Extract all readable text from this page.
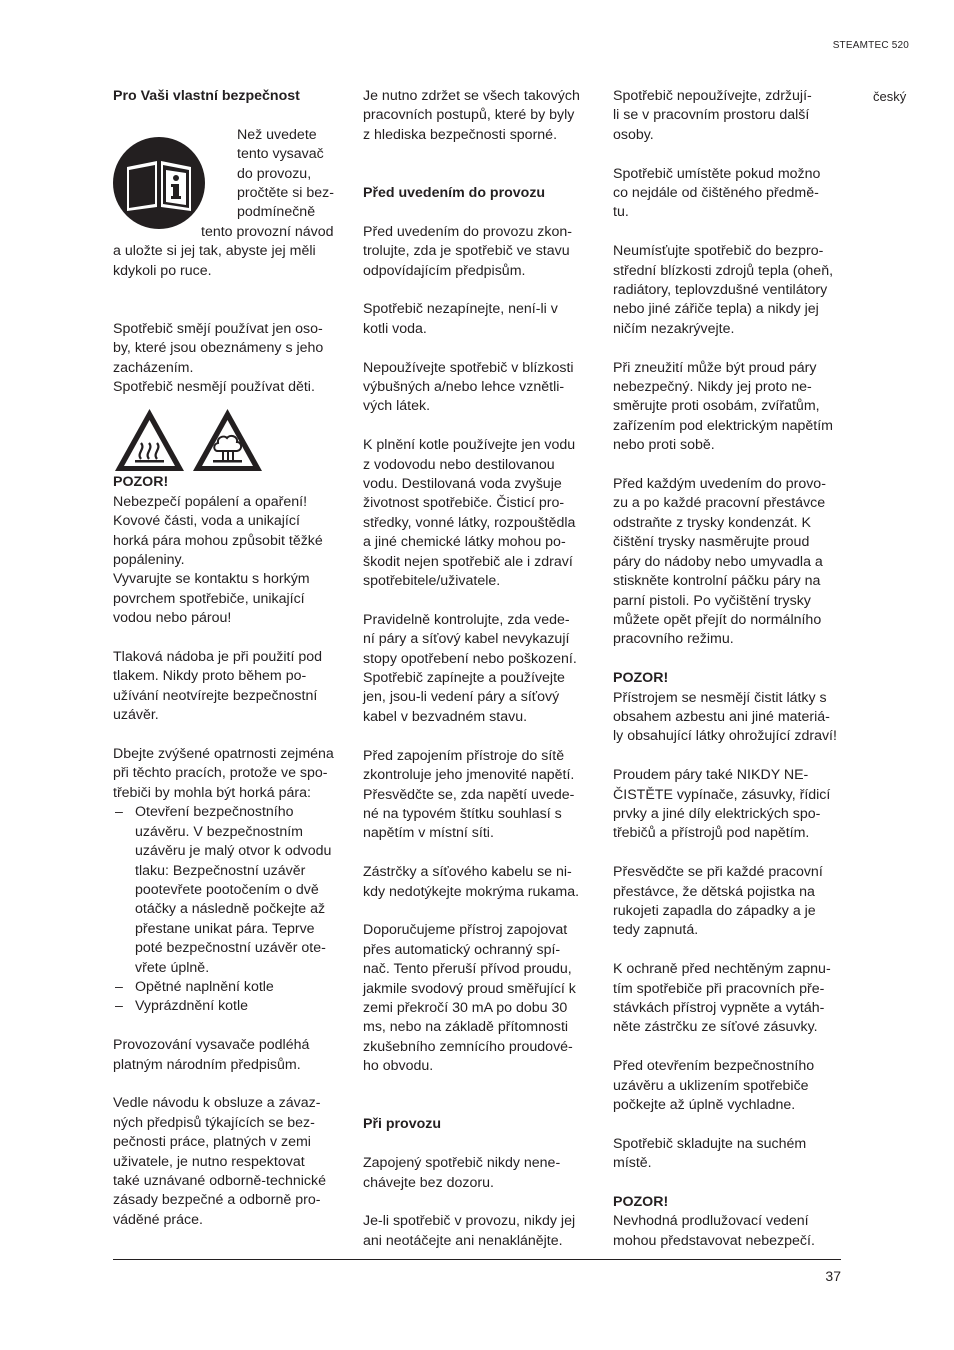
STEAMTEC 520
český

Pro Vaši vlastní bezpečnost

Než uvedete

tento vysavač

do provozu,

pročtěte si bez-

podmínečně

tento provozní návod

a uložte si jej tak, abyste jej měli

kdykoli po ruce.

Spotřebič smějí používat jen oso-

by, které jsou obeznámeny s jeho

zacházením.

Spotřebič nesmějí používat děti.

POZOR!

Nebezpečí popálení a opaření!

Kovové části, voda a unikající

horká pára mohou způsobit těžké

popáleniny.

Vyvarujte se kontaktu s horkým

povrchem spotřebiče, unikající

vodou nebo párou!

Tlaková nádoba je při použití pod

tlakem. Nikdy proto během po-

užívání neotvírejte bezpečnostní

uzávěr.

Dbejte zvýšené opatrnosti zejména

při těchto pracích, protože ve spo-

třebiči by mohla být horká pára:

– Otevření bezpečnostního

uzávěru. V bezpečnostním

uzávěru je malý otvor k odvodu

tlaku: Bezpečnostní uzávěr

pootevřete pootočením o dvě

otáčky a následně počkejte až

přestane unikat pára. Teprve

poté bezpečnostní uzávěr ote-

vřete úplně.

– Opětné naplnění kotle

– Vyprázdnění kotle

Provozování vysavače podléhá

platným národním předpisům.

Vedle návodu k obsluze a závaz-

ných předpisů týkajících se bez-

pečnosti práce, platných v zemi

uživatele, je nutno respektovat

také uznávané odborně-technické

zásady bezpečné a odborně pro-

váděné práce.

Je nutno zdržet se všech takových

pracovních postupů, které by byly

z hlediska bezpečnosti sporné.

Před uvedením do provozu

Před uvedením do provozu zkon-

trolujte, zda je spotřebič ve stavu

odpovídajícím předpisům.

Spotřebič nezapínejte, není-li v

kotli voda.

Nepoužívejte spotřebič v blízkosti

výbušných a/nebo lehce vznětli-

vých látek.

K plnění kotle používejte jen vodu

z vodovodu nebo destilovanou

vodu. Destilovaná voda zvyšuje

životnost spotřebiče. Čisticí pro-

středky, vonné látky, rozpouštědla

a jiné chemické látky mohou po-

škodit nejen spotřebič ale i zdraví

spotřebitele/uživatele.

Pravidelně kontrolujte, zda vede-

ní páry a síťový kabel nevykazují

stopy opotřebení nebo poškození.

Spotřebič zapínejte a používejte

jen, jsou-li vedení páry a síťový

kabel v bezvadném stavu.

Před zapojením přístroje do sítě

zkontroluje jeho jmenovité napětí.

Přesvědčte se, zda napětí uvede-

né na typovém štítku souhlasí s

napětím v místní síti.

Zástrčky a síťového kabelu se ni-

kdy nedotýkejte mokrýma rukama.

Doporučujeme přístroj zapojovat

přes automatický ochranný spí-

nač. Tento přeruší přívod proudu,

jakmile svodový proud směřující k

zemi překročí 30 mA po dobu 30

ms, nebo na základě přítomnosti

zkušebního zemnícího proudové-

ho obvodu.

Při provozu

Zapojený spotřebič nikdy nene-

chávejte bez dozoru.

Je-li spotřebič v provozu, nikdy jej

ani neotáčejte ani nenaklánějte.

Spotřebič nepoužívejte, zdržují-

li se v pracovním prostoru další

osoby.

Spotřebič umístěte pokud možno

co nejdále od čištěného předmě-

tu.

Neumísťujte spotřebič do bezpro-

střední blízkosti zdrojů tepla (oheň,

radiátory, teplovzdušné ventilátory

nebo jiné zářiče tepla) a nikdy jej

ničím nezakrývejte.

Při zneužití může být proud páry

nebezpečný. Nikdy jej proto ne-

směrujte proti osobám, zvířatům,

zařízením pod elektrickým napětím

nebo proti sobě.

Před každým uvedením do provo-

zu a po každé pracovní přestávce

odstraňte z trysky kondenzát. K

čištění trysky nasměrujte proud

páry do nádoby nebo umyvadla a

stiskněte kontrolní páčku páry na

parní pistoli. Po vyčištění trysky

můžete opět přejít do normálního

pracovního režimu.

POZOR!

Přístrojem se nesmějí čistit látky s

obsahem azbestu ani jiné materiá-

ly obsahující látky ohrožující zdraví!

Proudem páry také NIKDY NE-

ČISTĚTE vypínače, zásuvky, řídicí

prvky a jiné díly elektrických spo-

třebičů a přístrojů pod napětím.

Přesvědčte se při každé pracovní

přestávce, že dětská pojistka na

rukojeti zapadla do západky a je

tedy zapnutá.

K ochraně před nechtěným zapnu-

tím spotřebiče při pracovních pře-

stávkách přístroj vypněte a vytáh-

něte zástrčku ze síťové zásuvky.

Před otevřením bezpečnostního

uzávěru a uklizením spotřebiče

počkejte až úplně vychladne.

Spotřebič skladujte na suchém

místě.

POZOR!

Nevhodná prodlužovací vedení

mohou představovat nebezpečí.

37
